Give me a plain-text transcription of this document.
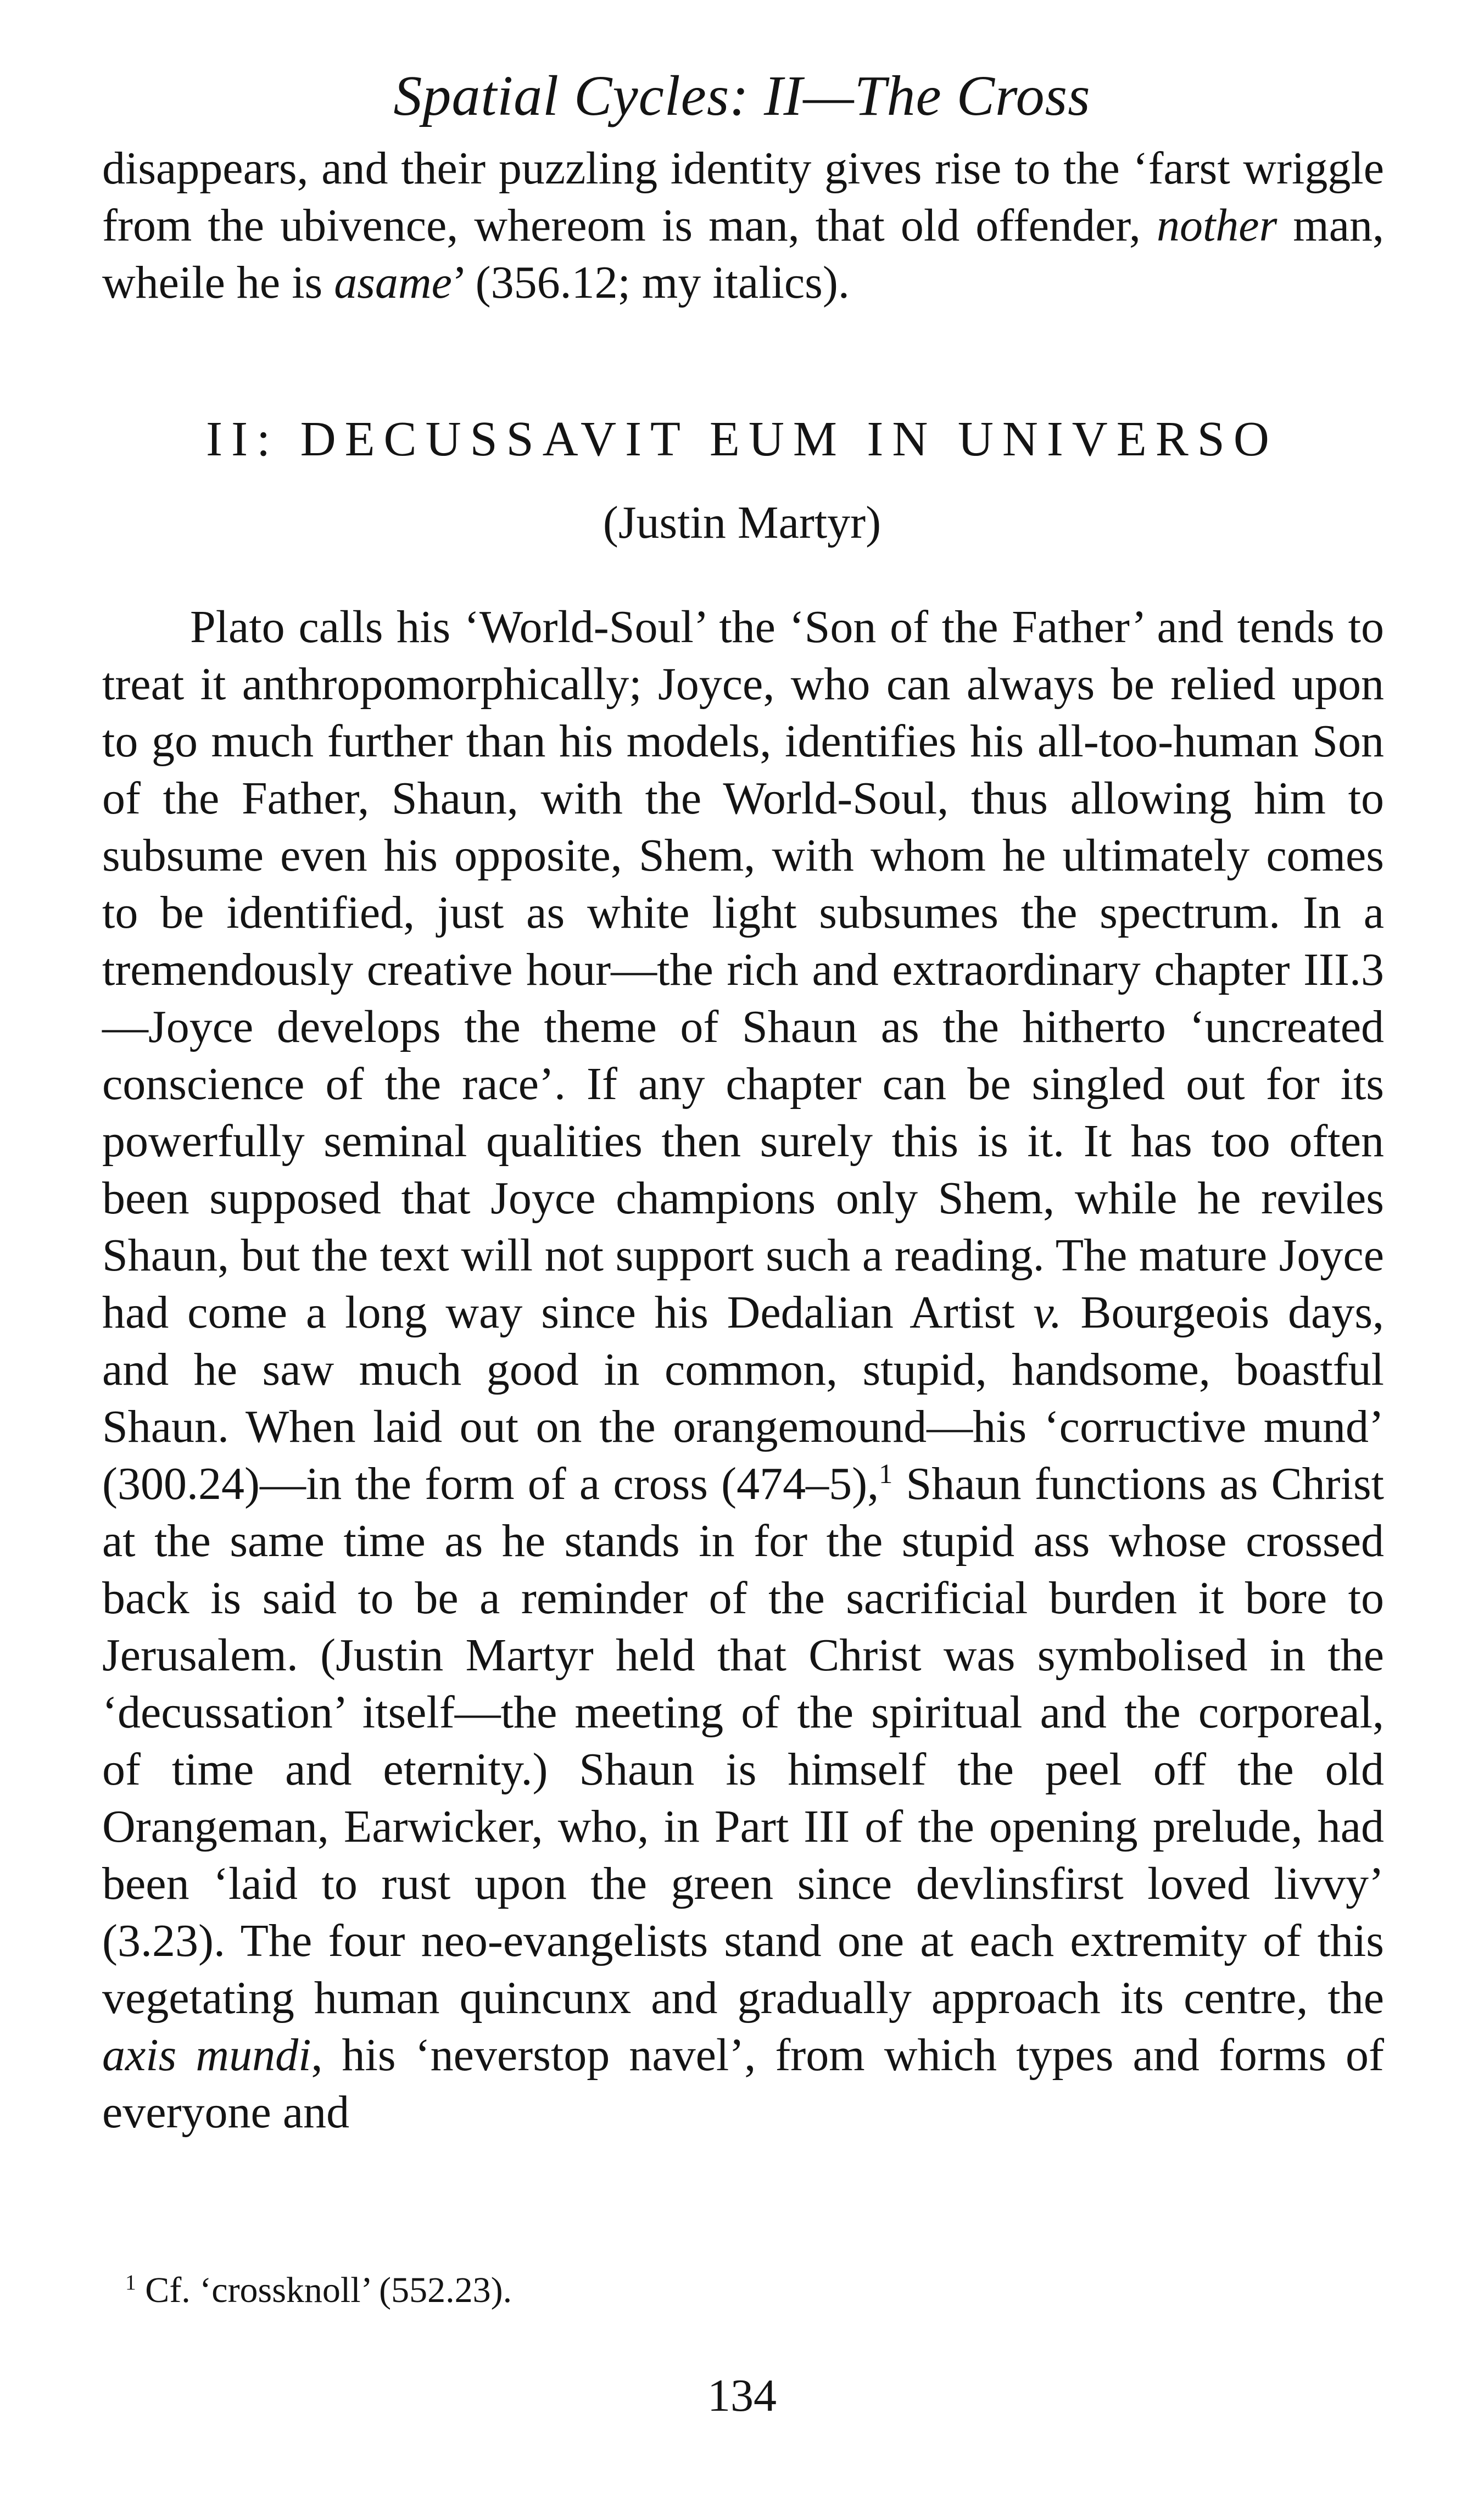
Spatial Cycles: II—The Cross

disappears, and their puzzling identity gives rise to the ‘farst wriggle from the ubivence, whereom is man, that old offender, nother man, wheile he is asame’ (356.12; my italics).

II: DECUSSAVIT EUM IN UNIVERSO

(Justin Martyr)

Plato calls his ‘World-Soul’ the ‘Son of the Father’ and tends to treat it anthropomorphically; Joyce, who can always be relied upon to go much further than his models, identifies his all-too-human Son of the Father, Shaun, with the World-Soul, thus allowing him to subsume even his opposite, Shem, with whom he ultimately comes to be identified, just as white light subsumes the spectrum. In a tremendously creative hour—the rich and extraordinary chapter III.3—Joyce develops the theme of Shaun as the hitherto ‘uncreated conscience of the race’. If any chapter can be singled out for its powerfully seminal qualities then surely this is it. It has too often been supposed that Joyce champions only Shem, while he reviles Shaun, but the text will not support such a reading. The mature Joyce had come a long way since his Dedalian Artist v. Bourgeois days, and he saw much good in common, stupid, handsome, boastful Shaun. When laid out on the orangemound—his ‘corructive mund’ (300.24)—in the form of a cross (474–5),$^1$ Shaun functions as Christ at the same time as he stands in for the stupid ass whose crossed back is said to be a reminder of the sacrificial burden it bore to Jerusalem. (Justin Martyr held that Christ was symbolised in the ‘decussation’ itself—the meeting of the spiritual and the corporeal, of time and eternity.) Shaun is himself the peel off the old Orangeman, Earwicker, who, in Part III of the opening prelude, had been ‘laid to rust upon the green since devlinsfirst loved livvy’ (3.23). The four neo-evangelists stand one at each extremity of this vegetating human quincunx and gradually approach its centre, the axis mundi, his ‘neverstop navel’, from which types and forms of everyone and

$^1$ Cf. ‘crossknoll’ (552.23).

134
